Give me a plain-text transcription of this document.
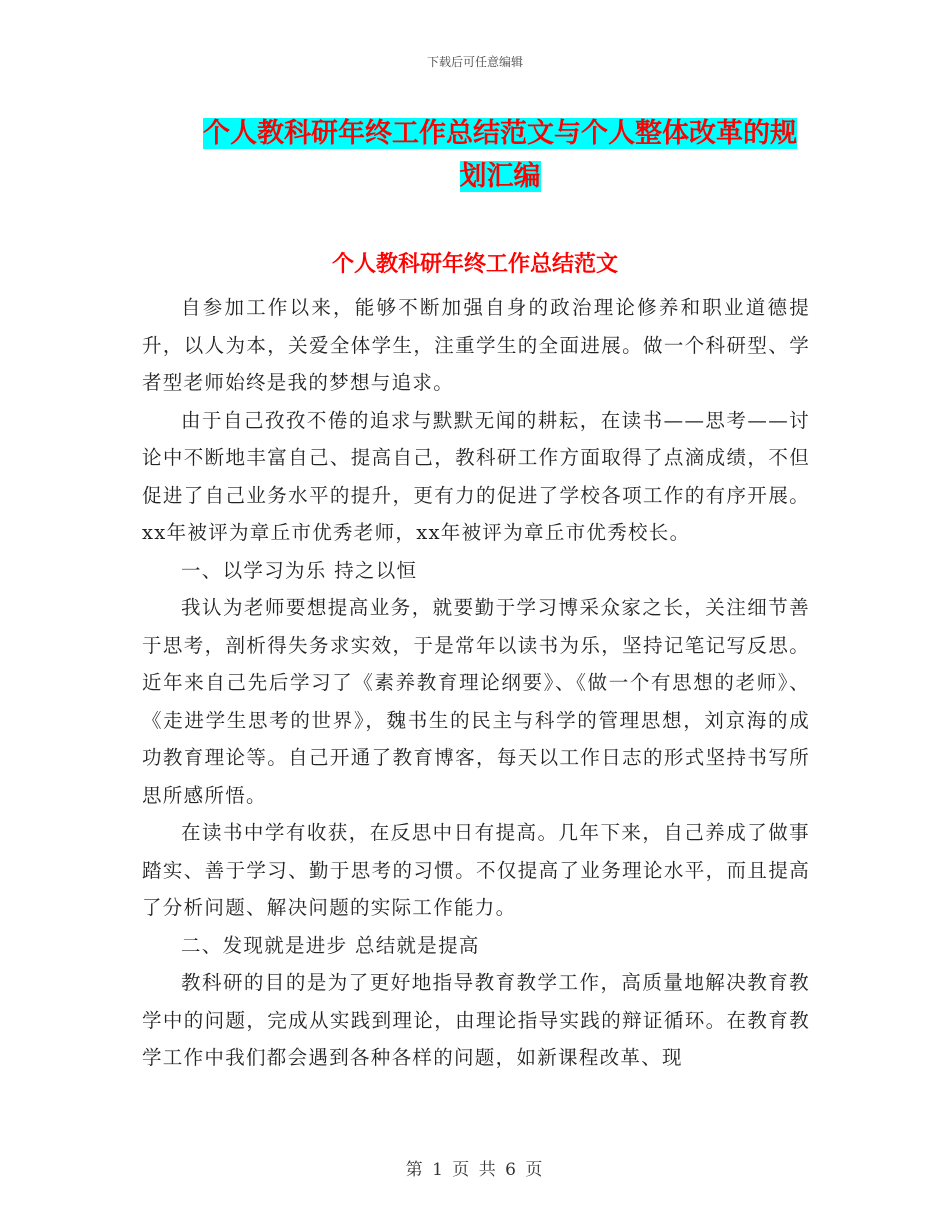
下载后可任意编辑
个人教科研年终工作总结范文与个人整体改革的规划汇编
个人教科研年终工作总结范文

自参加工作以来，能够不断加强自身的政治理论修养和职业道德提升，以人为本，关爱全体学生，注重学生的全面进展。做一个科研型、学者型老师始终是我的梦想与追求。

由于自己孜孜不倦的追求与默默无闻的耕耘，在读书——思考——讨论中不断地丰富自己、提高自己，教科研工作方面取得了点滴成绩，不但促进了自己业务水平的提升，更有力的促进了学校各项工作的有序开展。xx年被评为章丘市优秀老师，xx年被评为章丘市优秀校长。

一、以学习为乐 持之以恒

我认为老师要想提高业务，就要勤于学习博采众家之长，关注细节善于思考，剖析得失务求实效，于是常年以读书为乐，坚持记笔记写反思。近年来自己先后学习了《素养教育理论纲要》、《做一个有思想的老师》、《走进学生思考的世界》，魏书生的民主与科学的管理思想，刘京海的成功教育理论等。自己开通了教育博客，每天以工作日志的形式坚持书写所思所感所悟。

在读书中学有收获，在反思中日有提高。几年下来，自己养成了做事踏实、善于学习、勤于思考的习惯。不仅提高了业务理论水平，而且提高了分析问题、解决问题的实际工作能力。

二、发现就是进步 总结就是提高

教科研的目的是为了更好地指导教育教学工作，高质量地解决教育教学中的问题，完成从实践到理论，由理论指导实践的辩证循环。在教育教学工作中我们都会遇到各种各样的问题，如新课程改革、现

第 1 页 共 6 页
